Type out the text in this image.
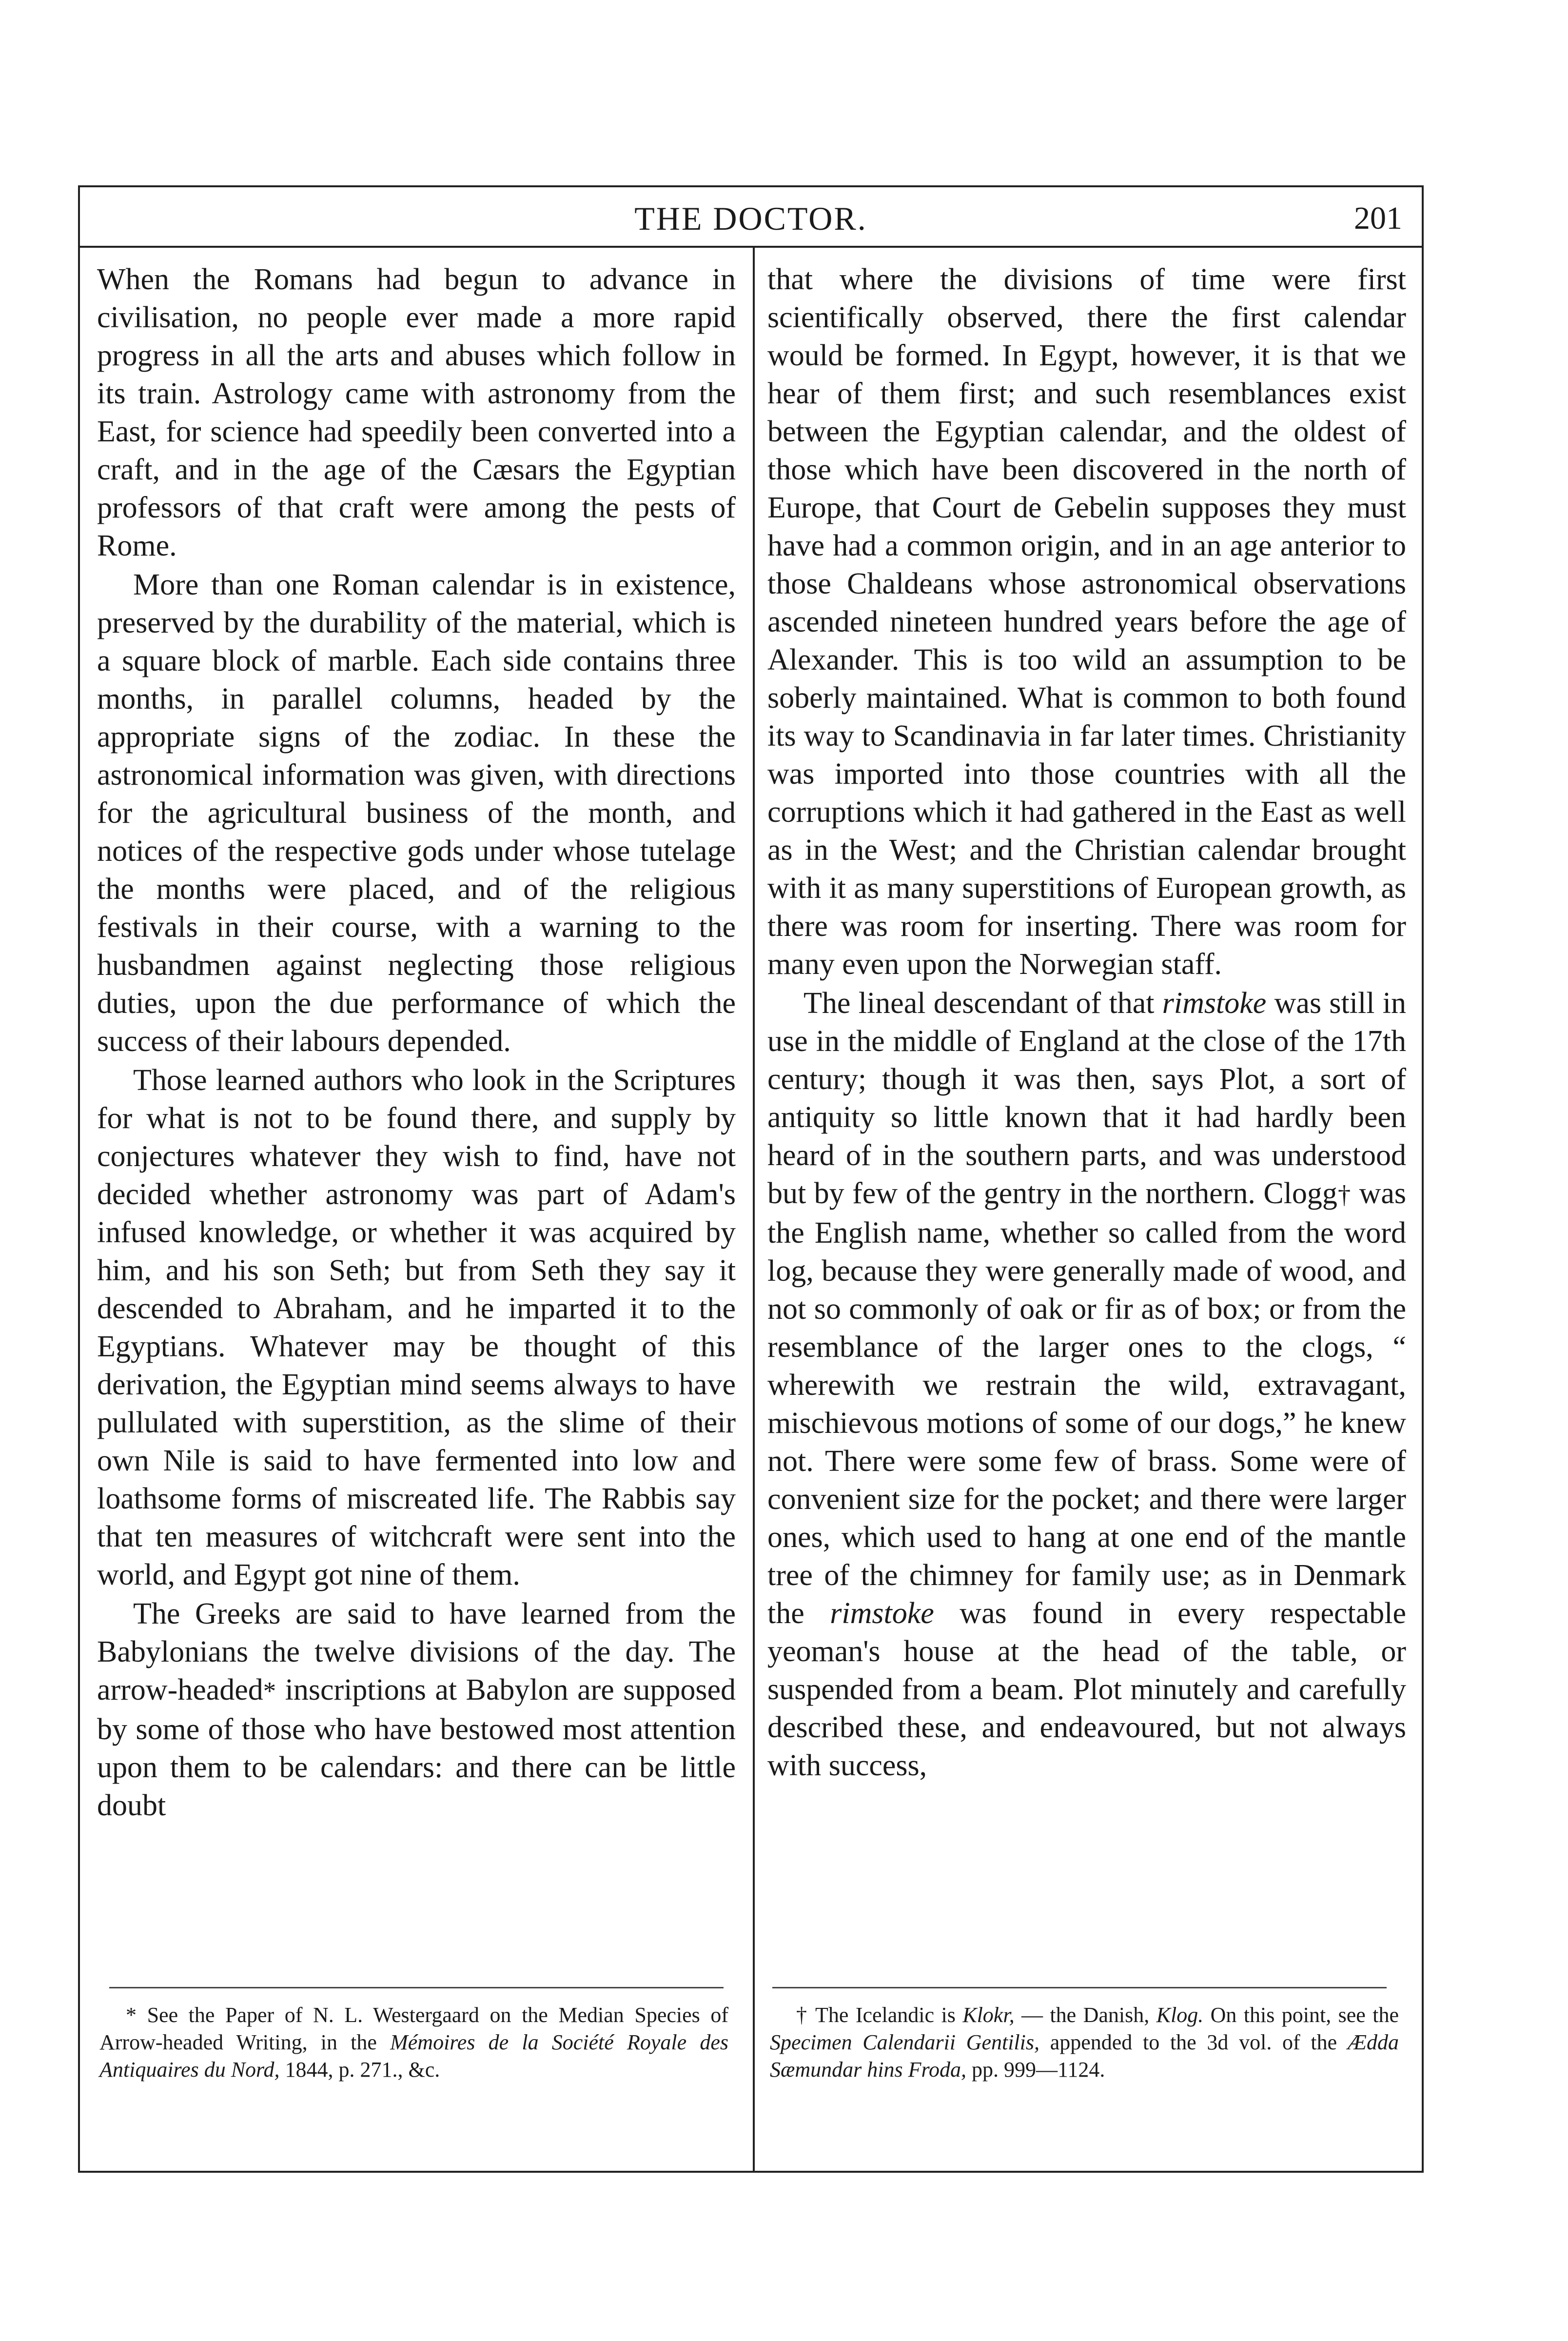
THE DOCTOR.	201

When the Romans had begun to advance in civilisation, no people ever made a more rapid progress in all the arts and abuses which follow in its train. Astrology came with astronomy from the East, for science had speedily been converted into a craft, and in the age of the Cæsars the Egyptian professors of that craft were among the pests of Rome.

More than one Roman calendar is in existence, preserved by the durability of the material, which is a square block of marble. Each side contains three months, in parallel columns, headed by the appropriate signs of the zodiac. In these the astronomical information was given, with directions for the agricultural business of the month, and notices of the respective gods under whose tutelage the months were placed, and of the religious festivals in their course, with a warning to the husbandmen against neglecting those religious duties, upon the due performance of which the success of their labours depended.

Those learned authors who look in the Scriptures for what is not to be found there, and supply by conjectures whatever they wish to find, have not decided whether astronomy was part of Adam's infused knowledge, or whether it was acquired by him, and his son Seth; but from Seth they say it descended to Abraham, and he imparted it to the Egyptians. Whatever may be thought of this derivation, the Egyptian mind seems always to have pullulated with superstition, as the slime of their own Nile is said to have fermented into low and loathsome forms of miscreated life. The Rabbis say that ten measures of witchcraft were sent into the world, and Egypt got nine of them.

The Greeks are said to have learned from the Babylonians the twelve divisions of the day. The arrow-headed* inscriptions at Babylon are supposed by some of those who have bestowed most attention upon them to be calendars: and there can be little doubt

that where the divisions of time were first scientifically observed, there the first calendar would be formed. In Egypt, however, it is that we hear of them first; and such resemblances exist between the Egyptian calendar, and the oldest of those which have been discovered in the north of Europe, that Court de Gebelin supposes they must have had a common origin, and in an age anterior to those Chaldeans whose astronomical observations ascended nineteen hundred years before the age of Alexander. This is too wild an assumption to be soberly maintained. What is common to both found its way to Scandinavia in far later times. Christianity was imported into those countries with all the corruptions which it had gathered in the East as well as in the West; and the Christian calendar brought with it as many superstitions of European growth, as there was room for inserting. There was room for many even upon the Norwegian staff.

The lineal descendant of that rimstoke was still in use in the middle of England at the close of the 17th century; though it was then, says Plot, a sort of antiquity so little known that it had hardly been heard of in the southern parts, and was understood but by few of the gentry in the northern. Clogg† was the English name, whether so called from the word log, because they were generally made of wood, and not so commonly of oak or fir as of box; or from the resemblance of the larger ones to the clogs, “ wherewith we restrain the wild, extravagant, mischievous motions of some of our dogs,” he knew not. There were some few of brass. Some were of convenient size for the pocket; and there were larger ones, which used to hang at one end of the mantle tree of the chimney for family use; as in Denmark the rimstoke was found in every respectable yeoman's house at the head of the table, or suspended from a beam. Plot minutely and carefully described these, and endeavoured, but not always with success,

* See the Paper of N. L. Westergaard on the Median Species of Arrow-headed Writing, in the Mémoires de la Société Royale des Antiquaires du Nord, 1844, p. 271., &c.

† The Icelandic is Klokr, — the Danish, Klog. On this point, see the Specimen Calendarii Gentilis, appended to the 3d vol. of the Ædda Sæmundar hins Froda, pp. 999—1124.
